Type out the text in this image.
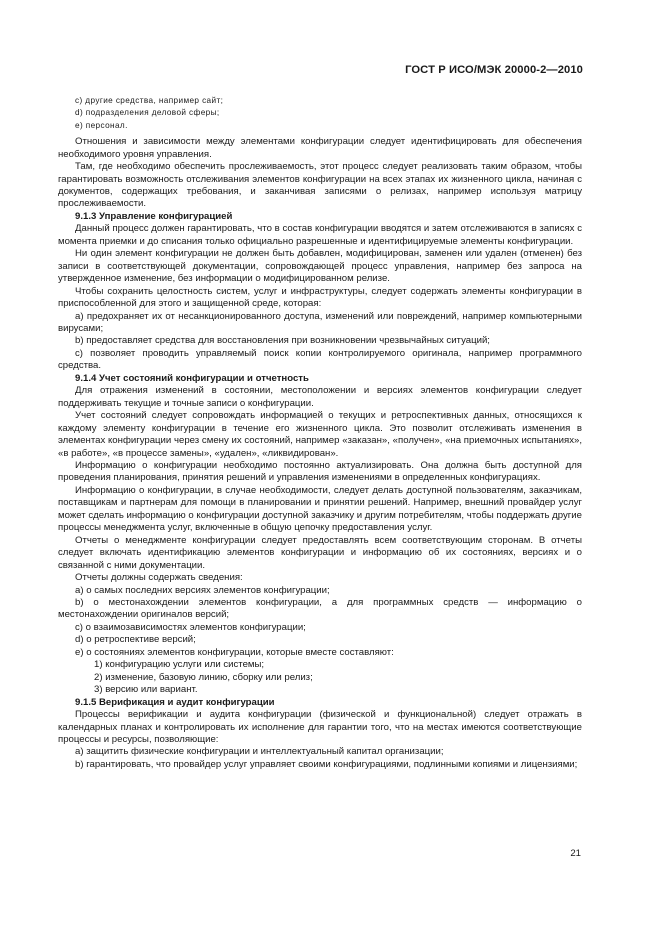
ГОСТ Р ИСО/МЭК 20000-2—2010

с) другие средства, например сайт;

d) подразделения деловой сферы;

е) персонал.

Отношения и зависимости между элементами конфигурации следует идентифицировать для обеспечения необходимого уровня управления.

Там, где необходимо обеспечить прослеживаемость, этот процесс следует реализовать таким образом, чтобы гарантировать возможность отслеживания элементов конфигурации на всех этапах их жизненного цикла, начиная с документов, содержащих требования, и заканчивая записями о релизах, например используя матрицу прослеживаемости.

9.1.3 Управление конфигурацией

Данный процесс должен гарантировать, что в состав конфигурации вводятся и затем отслеживаются в записях с момента приемки и до списания только официально разрешенные и идентифицируемые элементы конфигурации.

Ни один элемент конфигурации не должен быть добавлен, модифицирован, заменен или удален (отменен) без записи в соответствующей документации, сопровождающей процесс управления, например без запроса на утвержденное изменение, без информации о модифицированном релизе.

Чтобы сохранить целостность систем, услуг и инфраструктуры, следует содержать элементы конфигурации в приспособленной для этого и защищенной среде, которая:

а) предохраняет их от несанкционированного доступа, изменений или повреждений, например компьютерными вирусами;

b) предоставляет средства для восстановления при возникновении чрезвычайных ситуаций;

с) позволяет проводить управляемый поиск копии контролируемого оригинала, например программного средства.

9.1.4 Учет состояний конфигурации и отчетность

Для отражения изменений в состоянии, местоположении и версиях элементов конфигурации следует поддерживать текущие и точные записи о конфигурации.

Учет состояний следует сопровождать информацией о текущих и ретроспективных данных, относящихся к каждому элементу конфигурации в течение его жизненного цикла. Это позволит отслеживать изменения в элементах конфигурации через смену их состояний, например «заказан», «получен», «на приемочных испытаниях», «в работе», «в процессе замены», «удален», «ликвидирован».

Информацию о конфигурации необходимо постоянно актуализировать. Она должна быть доступной для проведения планирования, принятия решений и управления изменениями в определенных конфигурациях.

Информацию о конфигурации, в случае необходимости, следует делать доступной пользователям, заказчикам, поставщикам и партнерам для помощи в планировании и принятии решений. Например, внешний провайдер услуг может сделать информацию о конфигурации доступной заказчику и другим потребителям, чтобы поддержать другие процессы менеджмента услуг, включенные в общую цепочку предоставления услуг.

Отчеты о менеджменте конфигурации следует предоставлять всем соответствующим сторонам. В отчеты следует включать идентификацию элементов конфигурации и информацию об их состояниях, версиях и о связанной с ними документации.

Отчеты должны содержать сведения:

а) о самых последних версиях элементов конфигурации;

b) о местонахождении элементов конфигурации, а для программных средств — информацию о местонахождении оригиналов версий;

с) о взаимозависимостях элементов конфигурации;

d) о ретроспективе версий;

е) о состояниях элементов конфигурации, которые вместе составляют:

1) конфигурацию услуги или системы;

2) изменение, базовую линию, сборку или релиз;

3) версию или вариант.

9.1.5 Верификация и аудит конфигурации

Процессы верификации и аудита конфигурации (физической и функциональной) следует отражать в календарных планах и контролировать их исполнение для гарантии того, что на местах имеются соответствующие процессы и ресурсы, позволяющие:

а) защитить физические конфигурации и интеллектуальный капитал организации;

b) гарантировать, что провайдер услуг управляет своими конфигурациями, подлинными копиями и лицензиями;

21
